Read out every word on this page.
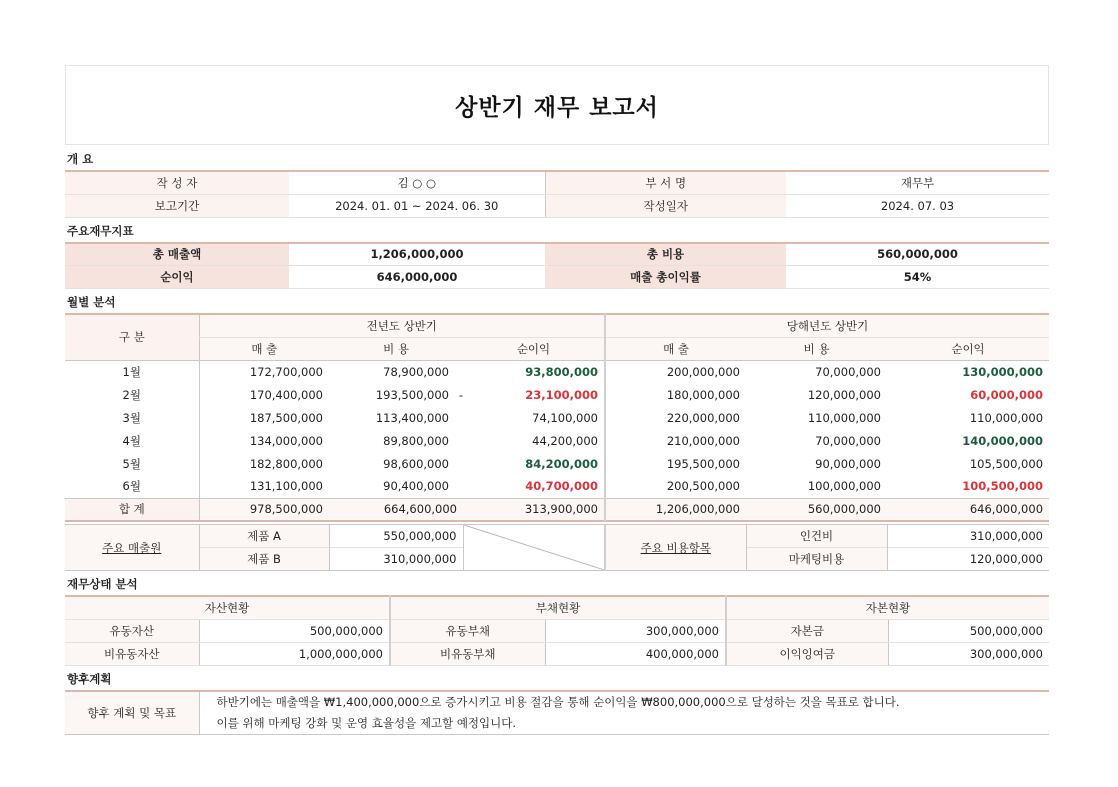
상반기 재무 보고서
개 요
작 성 자	김 ○ ○	부 서 명	재무부
보고기간	2024. 01. 01 ~ 2024. 06. 30	작성일자	2024. 07. 03
주요재무지표
총 매출액	1,206,000,000	총 비용	560,000,000
순이익	646,000,000	매출 총이익률	54%
월별 분석
구 분	전년도 상반기			당해년도 상반기		
	매 출	비 용	순이익	매 출	비 용	순이익
1월	172,700,000	78,900,000	93,800,000	200,000,000	70,000,000	130,000,000
2월	170,400,000	193,500,000 -	23,100,000	180,000,000	120,000,000	60,000,000
3월	187,500,000	113,400,000	74,100,000	220,000,000	110,000,000	110,000,000
4월	134,000,000	89,800,000	44,200,000	210,000,000	70,000,000	140,000,000
5월	182,800,000	98,600,000	84,200,000	195,500,000	90,000,000	105,500,000
6월	131,100,000	90,400,000	40,700,000	200,500,000	100,000,000	100,500,000
합 계	978,500,000	664,600,000	313,900,000	1,206,000,000	560,000,000	646,000,000
주요 매출원	제품 A	550,000,000		주요 비용항목	인건비	310,000,000
	제품 B	310,000,000			마케팅비용	120,000,000
재무상태 분석
자산현황		부채현황		자본현황	
유동자산	500,000,000	유동부채	300,000,000	자본금	500,000,000
비유동자산	1,000,000,000	비유동부채	400,000,000	이익잉여금	300,000,000
향후계획
향후 계획 및 목표	하반기에는 매출액을 ₩1,400,000,000으로 증가시키고 비용 절감을 통해 순이익을 ₩800,000,000으로 달성하는 것을 목표로 합니다.
이를 위해 마케팅 강화 및 운영 효율성을 제고할 예정입니다.
